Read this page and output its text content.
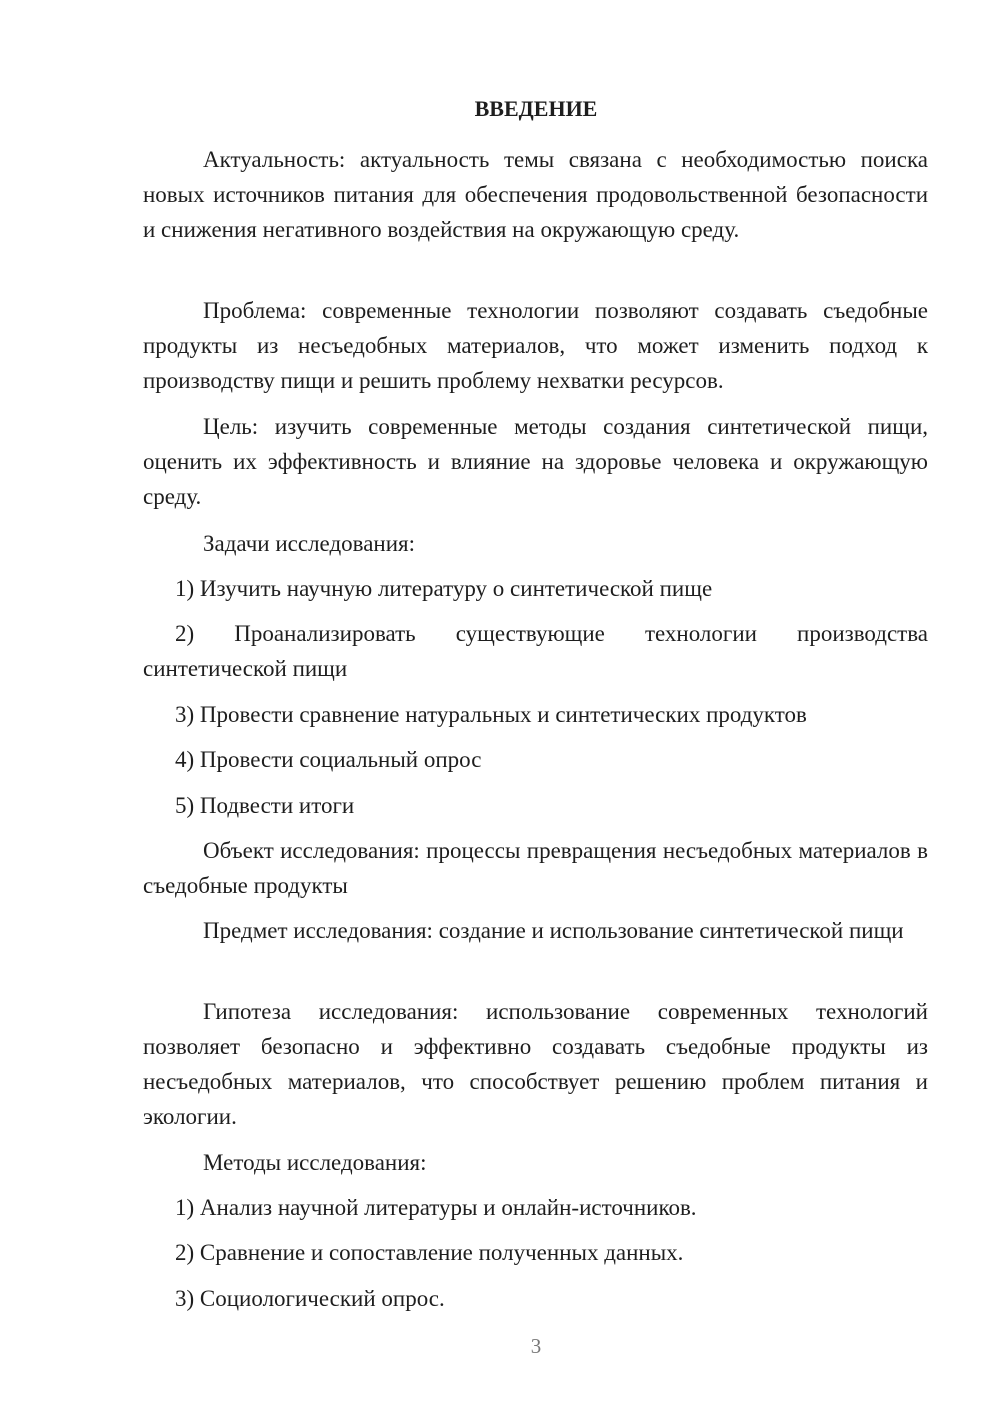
ВВЕДЕНИЕ

Актуальность: актуальность темы связана с необходимостью поиска новых источников питания для обеспечения продовольственной безопасности и снижения негативного воздействия на окружающую среду.

Проблема: современные технологии позволяют создавать съедобные продукты из несъедобных материалов, что может изменить подход к производству пищи и решить проблему нехватки ресурсов.

Цель: изучить современные методы создания синтетической пищи, оценить их эффективность и влияние на здоровье человека и окружающую среду.

Задачи исследования:

1) Изучить научную литературу о синтетической пище

2) Проанализировать существующие технологии производства синтетической пищи

3) Провести сравнение натуральных и синтетических продуктов

4) Провести социальный опрос

5) Подвести итоги

Объект исследования: процессы превращения несъедобных материалов в съедобные продукты

Предмет исследования: создание и использование синтетической пищи

Гипотеза исследования: использование современных технологий позволяет безопасно и эффективно создавать съедобные продукты из несъедобных материалов, что способствует решению проблем питания и экологии.

Методы исследования:

1) Анализ научной литературы и онлайн-источников.

2) Сравнение и сопоставление полученных данных.

3) Социологический опрос.

3
